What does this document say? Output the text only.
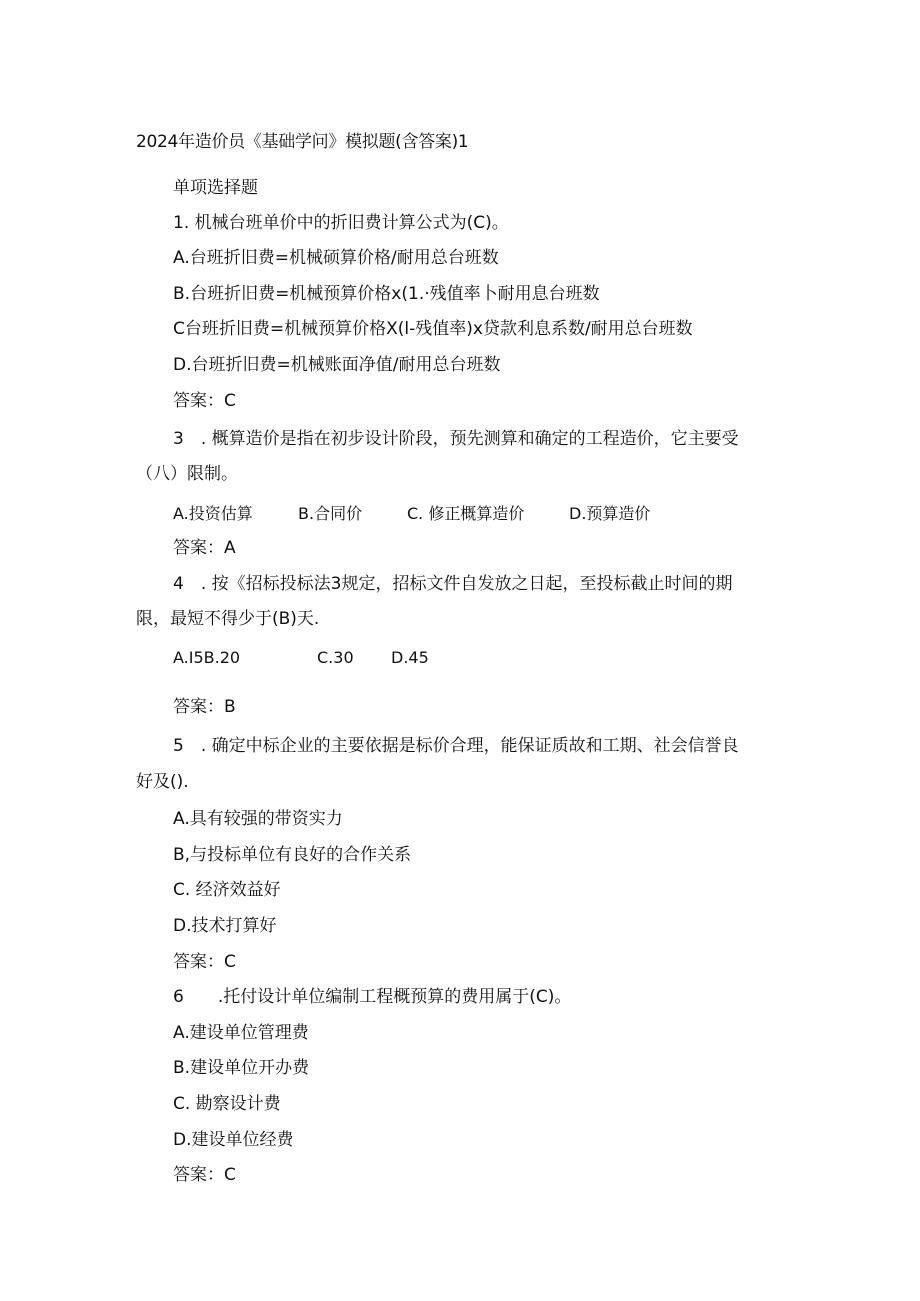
2024年造价员《基础学问》模拟题(含答案)1
单项选择题
1. 机械台班单价中的折旧费计算公式为(C)。
A.台班折旧费=机械硕算价格/耐用总台班数
B.台班折旧费=机械预算价格x(1.·残值率卜耐用息台班数
C台班折旧费=机械预算价格X(l-残值率)x贷款利息系数/耐用总台班数
D.台班折旧费=机械账面净值/耐用总台班数
答案：C
3　. 概算造价是指在初步设计阶段，预先测算和确定的工程造价，它主要受
（八）限制。
A.投资估算	B.合同价	C. 修正概算造价	D.预算造价
答案：A
4　. 按《招标投标法3规定，招标文件自发放之日起，至投标截止时间的期
限，最短不得少于(B)天.
A.I5B.20	C.30 D.45
答案：B
5　. 确定中标企业的主要依据是标价合理，能保证质故和工期、社会信誉良
好及().
A.具有较强的带资实力
B,与投标单位有良好的合作关系
C. 经济效益好
D.技术打算好
答案：C
6　　.托付设计单位编制工程概预算的费用属于(C)。
A.建设单位管理费
B.建设单位开办费
C. 勘察设计费
D.建设单位经费
答案：C
